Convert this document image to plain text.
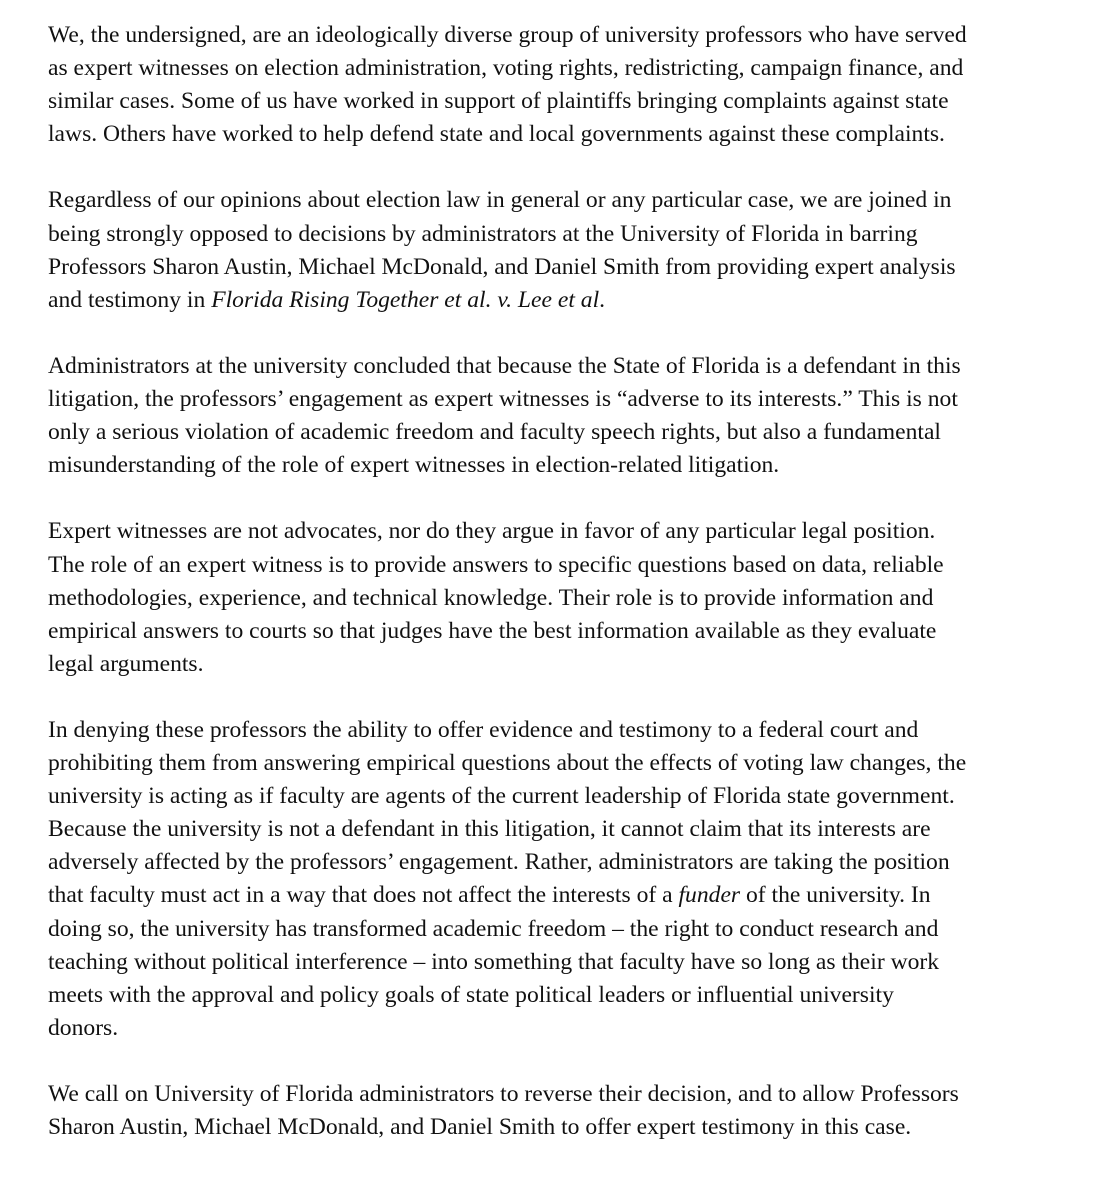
We, the undersigned, are an ideologically diverse group of university professors who have served
as expert witnesses on election administration, voting rights, redistricting, campaign finance, and
similar cases. Some of us have worked in support of plaintiffs bringing complaints against state
laws. Others have worked to help defend state and local governments against these complaints.

Regardless of our opinions about election law in general or any particular case, we are joined in
being strongly opposed to decisions by administrators at the University of Florida in barring
Professors Sharon Austin, Michael McDonald, and Daniel Smith from providing expert analysis
and testimony in Florida Rising Together et al. v. Lee et al.

Administrators at the university concluded that because the State of Florida is a defendant in this
litigation, the professors’ engagement as expert witnesses is “adverse to its interests.” This is not
only a serious violation of academic freedom and faculty speech rights, but also a fundamental
misunderstanding of the role of expert witnesses in election-related litigation.

Expert witnesses are not advocates, nor do they argue in favor of any particular legal position.
The role of an expert witness is to provide answers to specific questions based on data, reliable
methodologies, experience, and technical knowledge. Their role is to provide information and
empirical answers to courts so that judges have the best information available as they evaluate
legal arguments.

In denying these professors the ability to offer evidence and testimony to a federal court and
prohibiting them from answering empirical questions about the effects of voting law changes, the
university is acting as if faculty are agents of the current leadership of Florida state government.
Because the university is not a defendant in this litigation, it cannot claim that its interests are
adversely affected by the professors’ engagement. Rather, administrators are taking the position
that faculty must act in a way that does not affect the interests of a funder of the university. In
doing so, the university has transformed academic freedom – the right to conduct research and
teaching without political interference – into something that faculty have so long as their work
meets with the approval and policy goals of state political leaders or influential university
donors.

We call on University of Florida administrators to reverse their decision, and to allow Professors
Sharon Austin, Michael McDonald, and Daniel Smith to offer expert testimony in this case.
